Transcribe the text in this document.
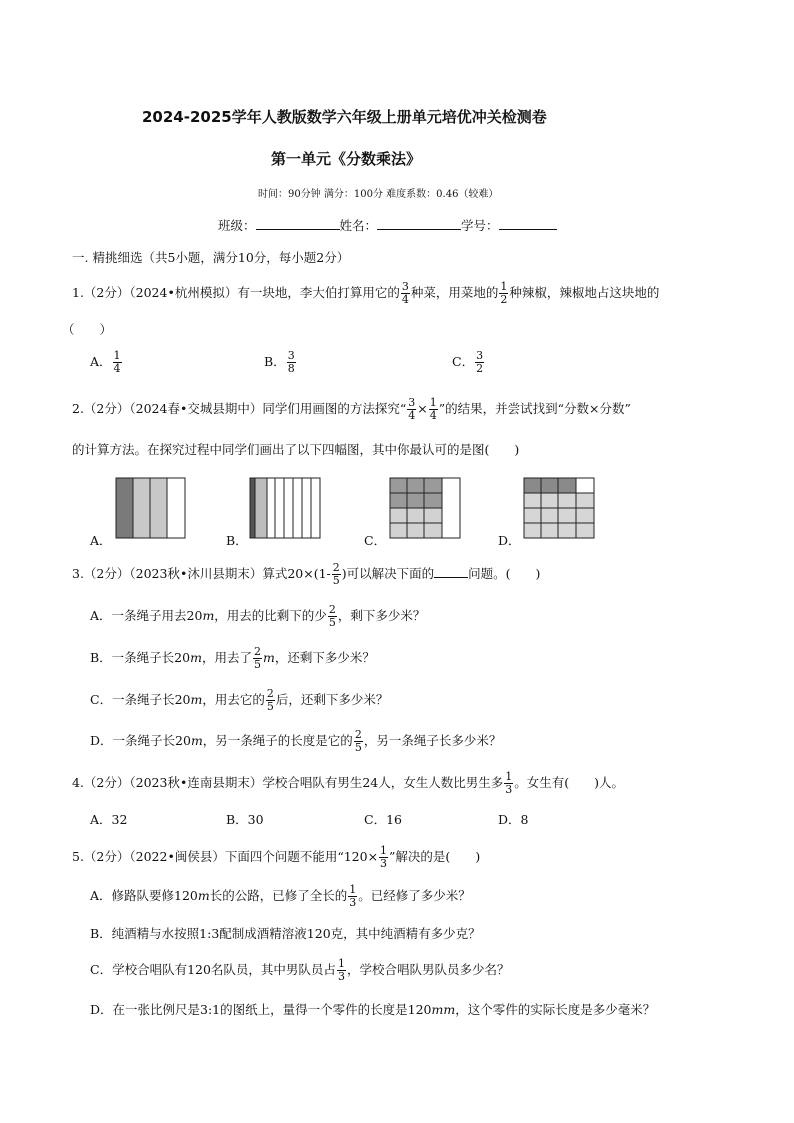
2024-2025学年人教版数学六年级上册单元培优冲关检测卷
第一单元《分数乘法》
时间：90分钟 满分：100分 难度系数：0.46（较难）
班级：	姓名：	学号：
一. 精挑细选（共5小题，满分10分，每小题2分）
1.（2分）（2024•杭州模拟）有一块地，李大伯打算用它的 $\frac{3}{4}$ 种菜，用菜地的 $\frac{1}{2}$ 种辣椒，辣椒地占这块地的
（　　）
A． $\frac{1}{4}$	B． $\frac{3}{8}$	C． $\frac{3}{2}$
2.（2分）（2024春•交城县期中）同学们用画图的方法探究“ $\frac{3}{4} \times \frac{1}{4}$ ”的结果，并尝试找到“分数×分数”
的计算方法。在探究过程中同学们画出了以下四幅图，其中你最认可的是图(　　)
A．	B．	C．	D．
3.（2分）（2023秋•沐川县期末）算式$20\times(1- \frac{2}{5}$ )可以解决下面的	问题。(　　)
A．一条绳子用去20m，用去的比剩下的少 $\frac{2}{5}$ ，剩下多少米？
B．一条绳子长20m，用去了 $\frac{2}{5}$ m，还剩下多少米？
C．一条绳子长20m，用去它的 $\frac{2}{5}$ 后，还剩下多少米？
D．一条绳子长20m，另一条绳子的长度是它的 $\frac{2}{5}$ ，另一条绳子长多少米？
4.（2分）（2023秋•连南县期末）学校合唱队有男生24人，女生人数比男生多 $\frac{1}{3}$ 。女生有(　　)人。
A．32	B．30	C．16	D．8
5.（2分）（2022•闽侯县）下面四个问题不能用“$120\times \frac{1}{3}$ ”解决的是(　　)
A．修路队要修120m长的公路，已修了全长的 $\frac{1}{3}$ 。已经修了多少米？
B．纯酒精与水按照1:3配制成酒精溶液120克，其中纯酒精有多少克？
C．学校合唱队有120名队员，其中男队员占 $\frac{1}{3}$ ，学校合唱队男队员多少名？
D．在一张比例尺是3:1的图纸上，量得一个零件的长度是120mm，这个零件的实际长度是多少毫米？
